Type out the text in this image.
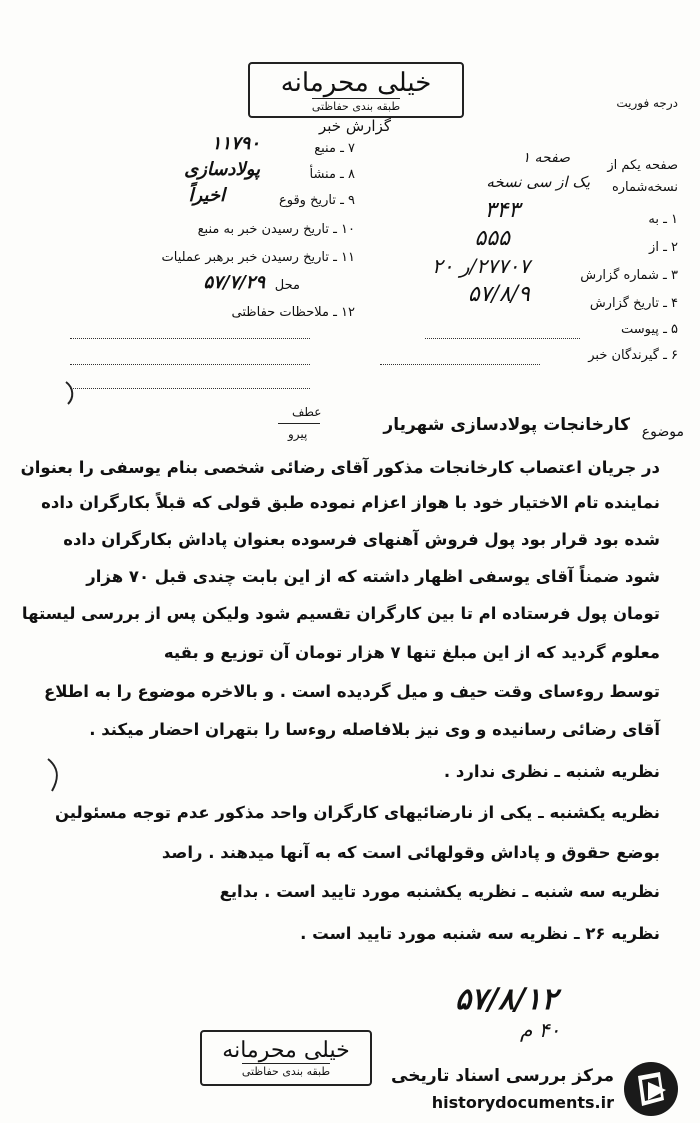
خیلی محرمانه
طبقه بندی حفاظتی
گزارش خبر
درجه فوریت
صفحه یکم از
صفحه ۱
نسخه‌شماره
یک از سی نسخه
۱ ـ به
۳۴۳
۲ ـ از
۵۵۵
۳ ـ شماره گزارش
۲۷۷۰۷/ر ۲۰
۴ ـ تاریخ گزارش
۵۷/۸/۹
۵ ـ پیوست
۶ ـ گیرندگان خبر
۷ ـ منبع
۱۱۷۹۰
۸ ـ منشأ
پولادسازی
۹ ـ تاریخ وقوع
اخیراً
۱۰ ـ تاریخ رسیدن خبر به منبع
۱۱ ـ تاریخ رسیدن خبر برهبر عملیات
محل
۵۷/۷/۲۹
۱۲ ـ ملاحظات حفاظتی
عطف
پیرو	موضوع
کارخانجات پولادسازی شهریار
در جریان اعتصاب کارخانجات مذکور آقای رضائی شخصی بنام یوسفی را بعنوان
نماینده تام الاختیار خود با هواز اعزام نموده طبق قولی که قبلاً بکارگران داده
شده بود قرار بود پول فروش آهنهای فرسوده بعنوان پاداش بکارگران داده
شود ضمناً آقای یوسفی اظهار داشته که از این بابت چندی قبل ۷۰ هزار
تومان پول فرستاده ام تا بین کارگران تقسیم شود ولیکن پس از بررسی لیستها
معلوم گردید که از این مبلغ تنها ۷ هزار تومان آن توزیع و بقیه
توسط روءسای وقت حیف و میل گردیده است . و بالاخره موضوع را به اطلاع
آقای رضائی رسانیده و وی نیز بلافاصله روءسا را بتهران احضار میکند .
نظریه شنبه ـ نظری ندارد .
نظریه یکشنبه ـ یکی از نارضائیهای کارگران واحد مذکور عدم توجه مسئولین
بوضع حقوق و پاداش وقولهائی است که به آنها میدهند . راصد
نظریه سه شنبه ـ نظریه یکشنبه مورد تایید است . بدایع
نظریه ۲۶ ـ نظریه سه شنبه مورد تایید است .
۵۷/۸/۱۲
۴۰ م
خیلی محرمانه
طبقه بندی حفاظتی	مرکز بررسی اسناد تاریخی
historydocuments.ir
